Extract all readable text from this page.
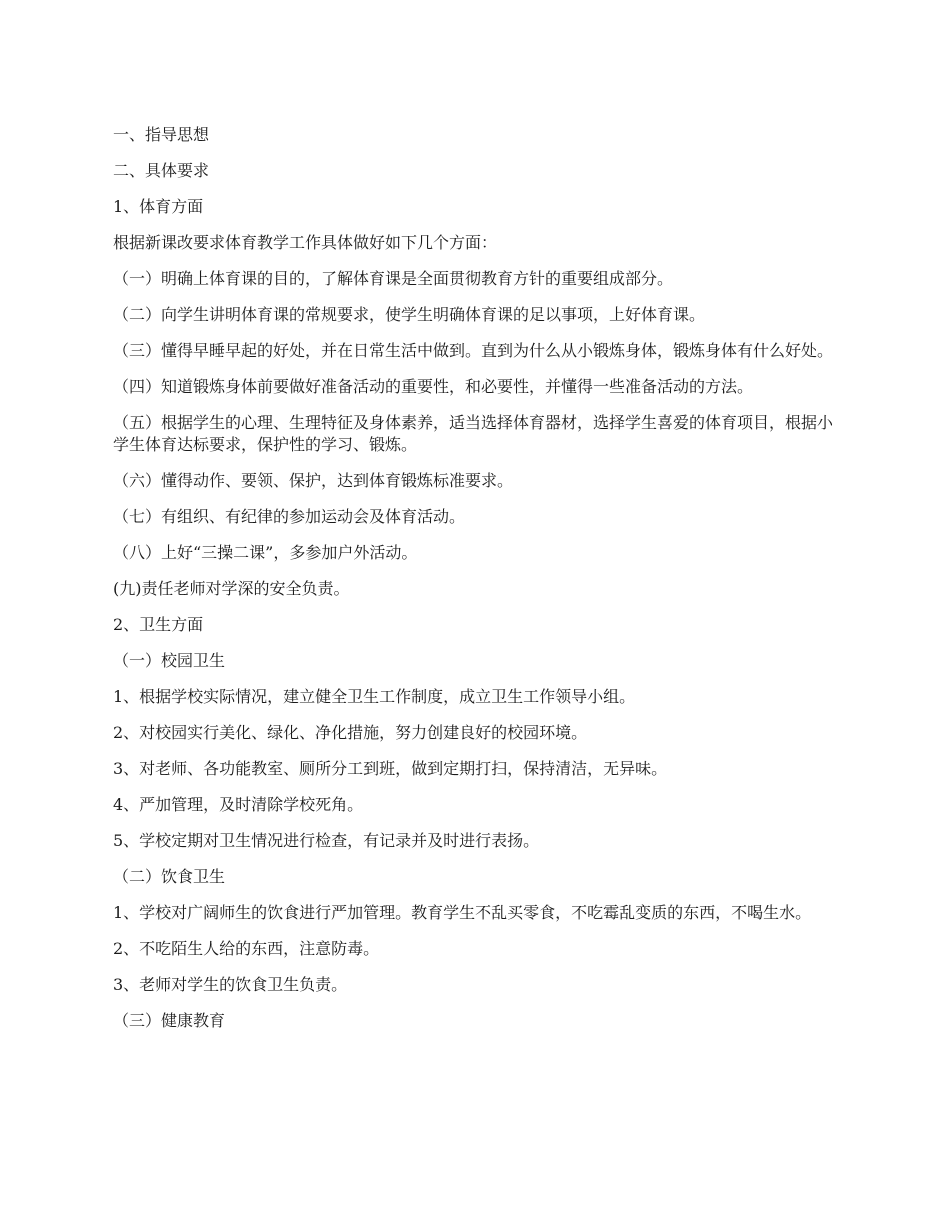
一、指导思想

二、具体要求

1、体育方面

根据新课改要求体育教学工作具体做好如下几个方面：

（一）明确上体育课的目的，了解体育课是全面贯彻教育方针的重要组成部分。

（二）向学生讲明体育课的常规要求，使学生明确体育课的足以事项，上好体育课。

（三）懂得早睡早起的好处，并在日常生活中做到。直到为什么从小锻炼身体，锻炼身体有什么好处。

（四）知道锻炼身体前要做好准备活动的重要性，和必要性，并懂得一些准备活动的方法。

（五）根据学生的心理、生理特征及身体素养，适当选择体育器材，选择学生喜爱的体育项目，根据小学生体育达标要求，保护性的学习、锻炼。

（六）懂得动作、要领、保护，达到体育锻炼标准要求。

（七）有组织、有纪律的参加运动会及体育活动。

（八）上好“三操二课”，多参加户外活动。

(九)责任老师对学深的安全负责。

2、卫生方面

（一）校园卫生

1、根据学校实际情况，建立健全卫生工作制度，成立卫生工作领导小组。

2、对校园实行美化、绿化、净化措施，努力创建良好的校园环境。

3、对老师、各功能教室、厕所分工到班，做到定期打扫，保持清洁，无异味。

4、严加管理，及时清除学校死角。

5、学校定期对卫生情况进行检查，有记录并及时进行表扬。

（二）饮食卫生

1、学校对广阔师生的饮食进行严加管理。教育学生不乱买零食，不吃霉乱变质的东西，不喝生水。

2、不吃陌生人给的东西，注意防毒。

3、老师对学生的饮食卫生负责。

（三）健康教育
